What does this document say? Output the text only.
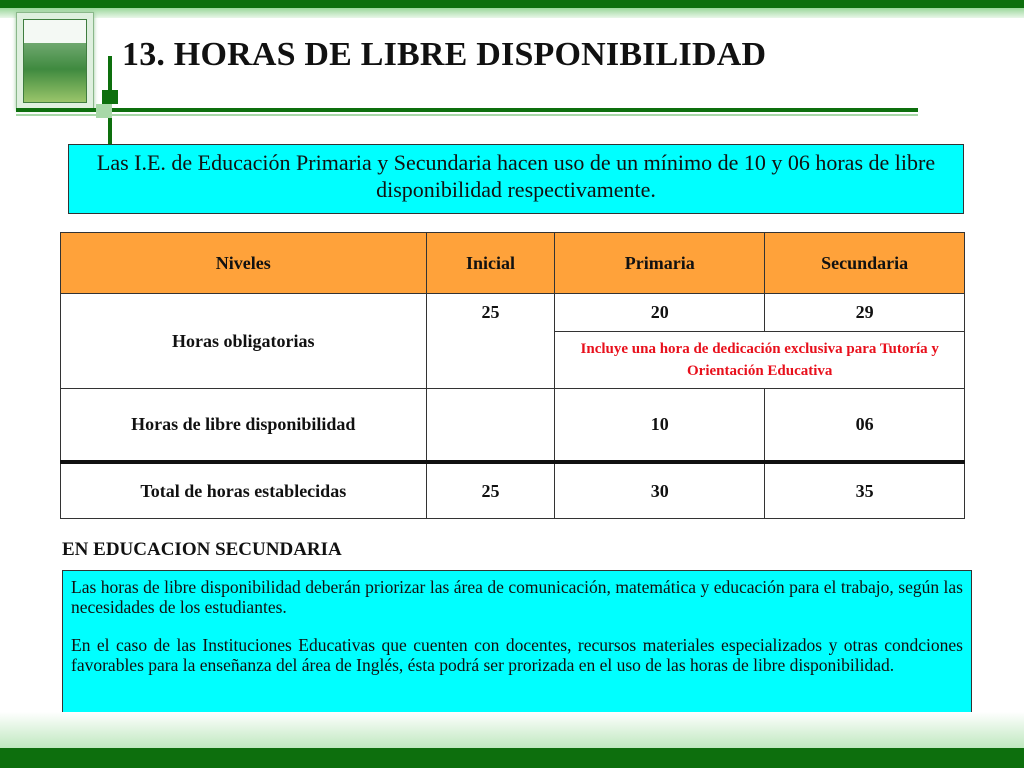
13. HORAS DE LIBRE DISPONIBILIDAD
Las I.E. de Educación Primaria y Secundaria hacen uso de un mínimo de 10 y 06 horas de libre disponibilidad respectivamente.
Niveles	Inicial	Primaria	Secundaria
Horas obligatorias	25	20	29
		Incluye una hora de dedicación exclusiva para Tutoría y Orientación Educativa	
Horas de libre disponibilidad		10	06
Total de horas establecidas	25	30	35
EN EDUCACION SECUNDARIA

Las horas de libre disponibilidad deberán priorizar las área de comunicación, matemática y educación para el trabajo, según las necesidades de los estudiantes.

En el caso de las Instituciones Educativas que cuenten con docentes, recursos materiales especializados y otras condciones favorables para la enseñanza del área de Inglés, ésta podrá ser prorizada en el uso de las horas de libre disponibilidad.
